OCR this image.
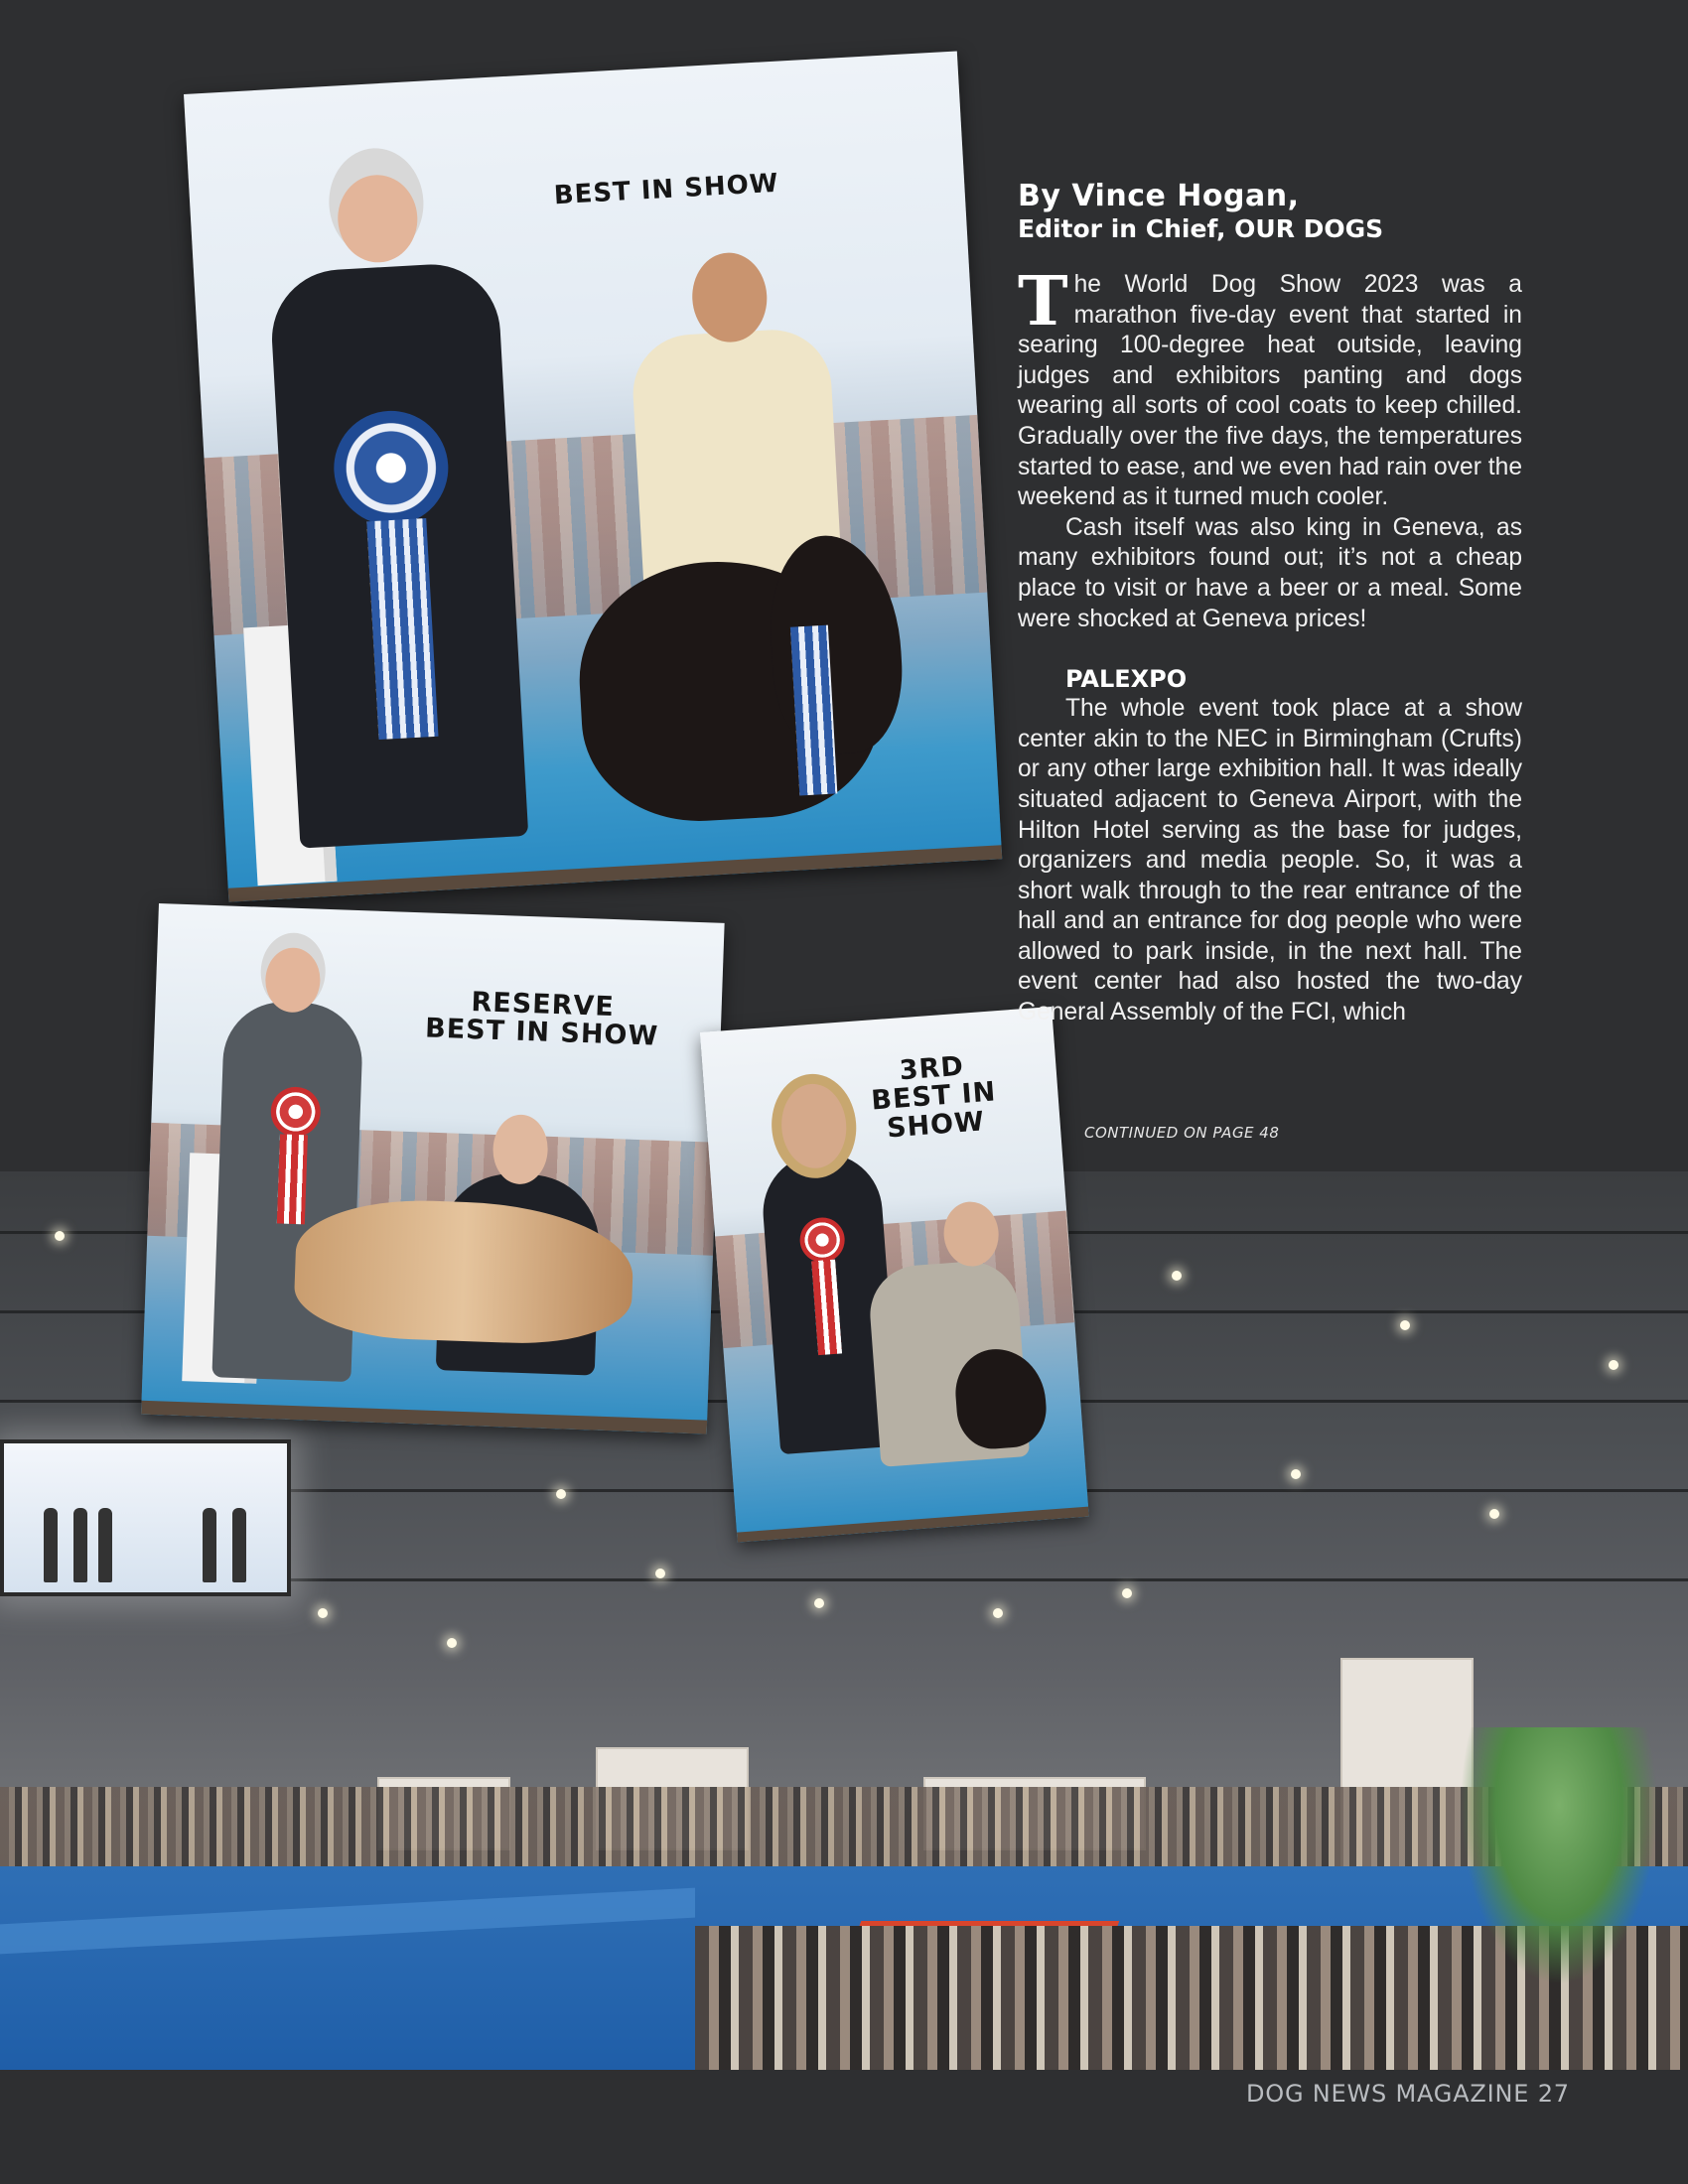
BEST IN SHOW
RESERVE
BEST IN SHOW
3RD
BEST IN
SHOW
By Vince Hogan,
Editor in Chief, OUR DOGS

The World Dog Show 2023 was a marathon five-day event that started in searing 100-degree heat outside, leaving judges and exhibitors panting and dogs wearing all sorts of cool coats to keep chilled. Gradually over the five days, the temperatures started to ease, and we even had rain over the weekend as it turned much cooler.

Cash itself was also king in Geneva, as many exhibitors found out; it’s not a cheap place to visit or have a beer or a meal. Some were shocked at Geneva prices!

PALEXPO

The whole event took place at a show center akin to the NEC in Birmingham (Crufts) or any other large exhibition hall. It was ideally situated adjacent to Geneva Airport, with the Hilton Hotel serving as the base for judges, organizers and media people. So, it was a short walk through to the rear entrance of the hall and an entrance for dog people who were allowed to park inside, in the next hall. The event center had also hosted the two-day General Assembly of the FCI, which

CONTINUED ON PAGE 48
DOG NEWS MAGAZINE 27
